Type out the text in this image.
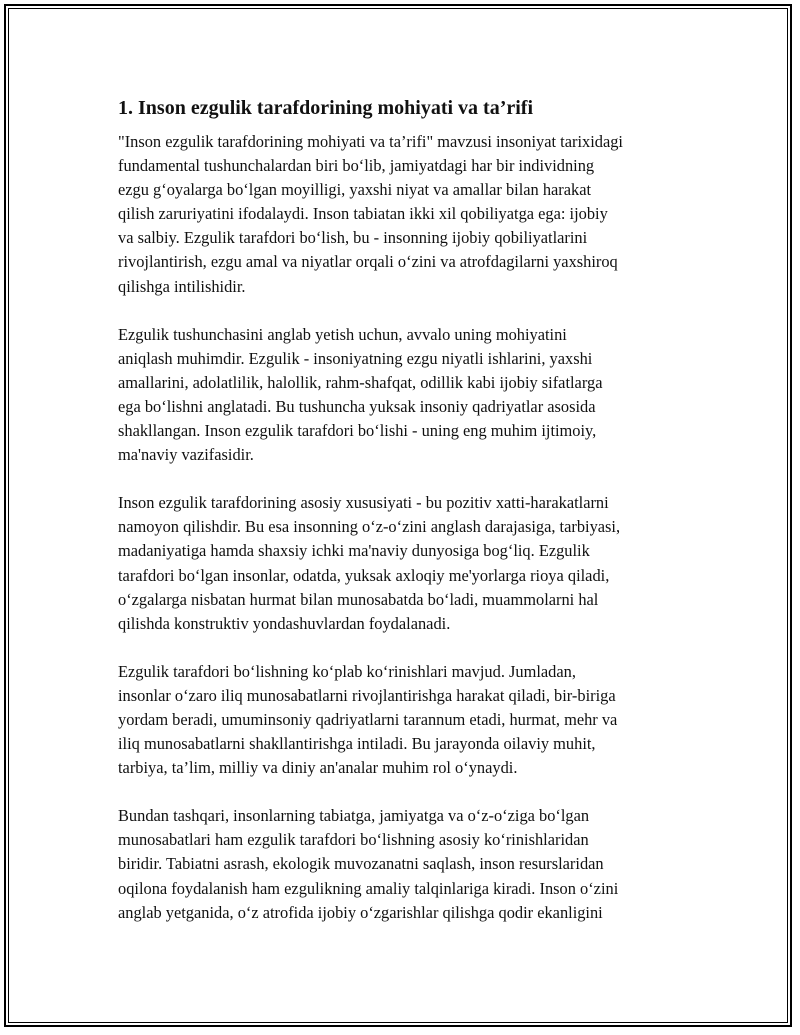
1. Inson ezgulik tarafdorining mohiyati va ta’rifi

"Inson ezgulik tarafdorining mohiyati va ta’rifi" mavzusi insoniyat tarixidagi
fundamental tushunchalardan biri bo‘lib, jamiyatdagi har bir individning
ezgu g‘oyalarga bo‘lgan moyilligi, yaxshi niyat va amallar bilan harakat
qilish zaruriyatini ifodalaydi. Inson tabiatan ikki xil qobiliyatga ega: ijobiy
va salbiy. Ezgulik tarafdori bo‘lish, bu - insonning ijobiy qobiliyatlarini
rivojlantirish, ezgu amal va niyatlar orqali o‘zini va atrofdagilarni yaxshiroq
qilishga intilishidir.

Ezgulik tushunchasini anglab yetish uchun, avvalo uning mohiyatini
aniqlash muhimdir. Ezgulik - insoniyatning ezgu niyatli ishlarini, yaxshi
amallarini, adolatlilik, halollik, rahm-shafqat, odillik kabi ijobiy sifatlarga
ega bo‘lishni anglatadi. Bu tushuncha yuksak insoniy qadriyatlar asosida
shakllangan. Inson ezgulik tarafdori bo‘lishi - uning eng muhim ijtimoiy,
ma'naviy vazifasidir.

Inson ezgulik tarafdorining asosiy xususiyati - bu pozitiv xatti-harakatlarni
namoyon qilishdir. Bu esa insonning o‘z-o‘zini anglash darajasiga, tarbiyasi,
madaniyatiga hamda shaxsiy ichki ma'naviy dunyosiga bog‘liq. Ezgulik
tarafdori bo‘lgan insonlar, odatda, yuksak axloqiy me'yorlarga rioya qiladi,
o‘zgalarga nisbatan hurmat bilan munosabatda bo‘ladi, muammolarni hal
qilishda konstruktiv yondashuvlardan foydalanadi.

Ezgulik tarafdori bo‘lishning ko‘plab ko‘rinishlari mavjud. Jumladan,
insonlar o‘zaro iliq munosabatlarni rivojlantirishga harakat qiladi, bir-biriga
yordam beradi, umuminsoniy qadriyatlarni tarannum etadi, hurmat, mehr va
iliq munosabatlarni shakllantirishga intiladi. Bu jarayonda oilaviy muhit,
tarbiya, ta’lim, milliy va diniy an'analar muhim rol o‘ynaydi.

Bundan tashqari, insonlarning tabiatga, jamiyatga va o‘z-o‘ziga bo‘lgan
munosabatlari ham ezgulik tarafdori bo‘lishning asosiy ko‘rinishlaridan
biridir. Tabiatni asrash, ekologik muvozanatni saqlash, inson resurslaridan
oqilona foydalanish ham ezgulikning amaliy talqinlariga kiradi. Inson o‘zini
anglab yetganida, o‘z atrofida ijobiy o‘zgarishlar qilishga qodir ekanligini
